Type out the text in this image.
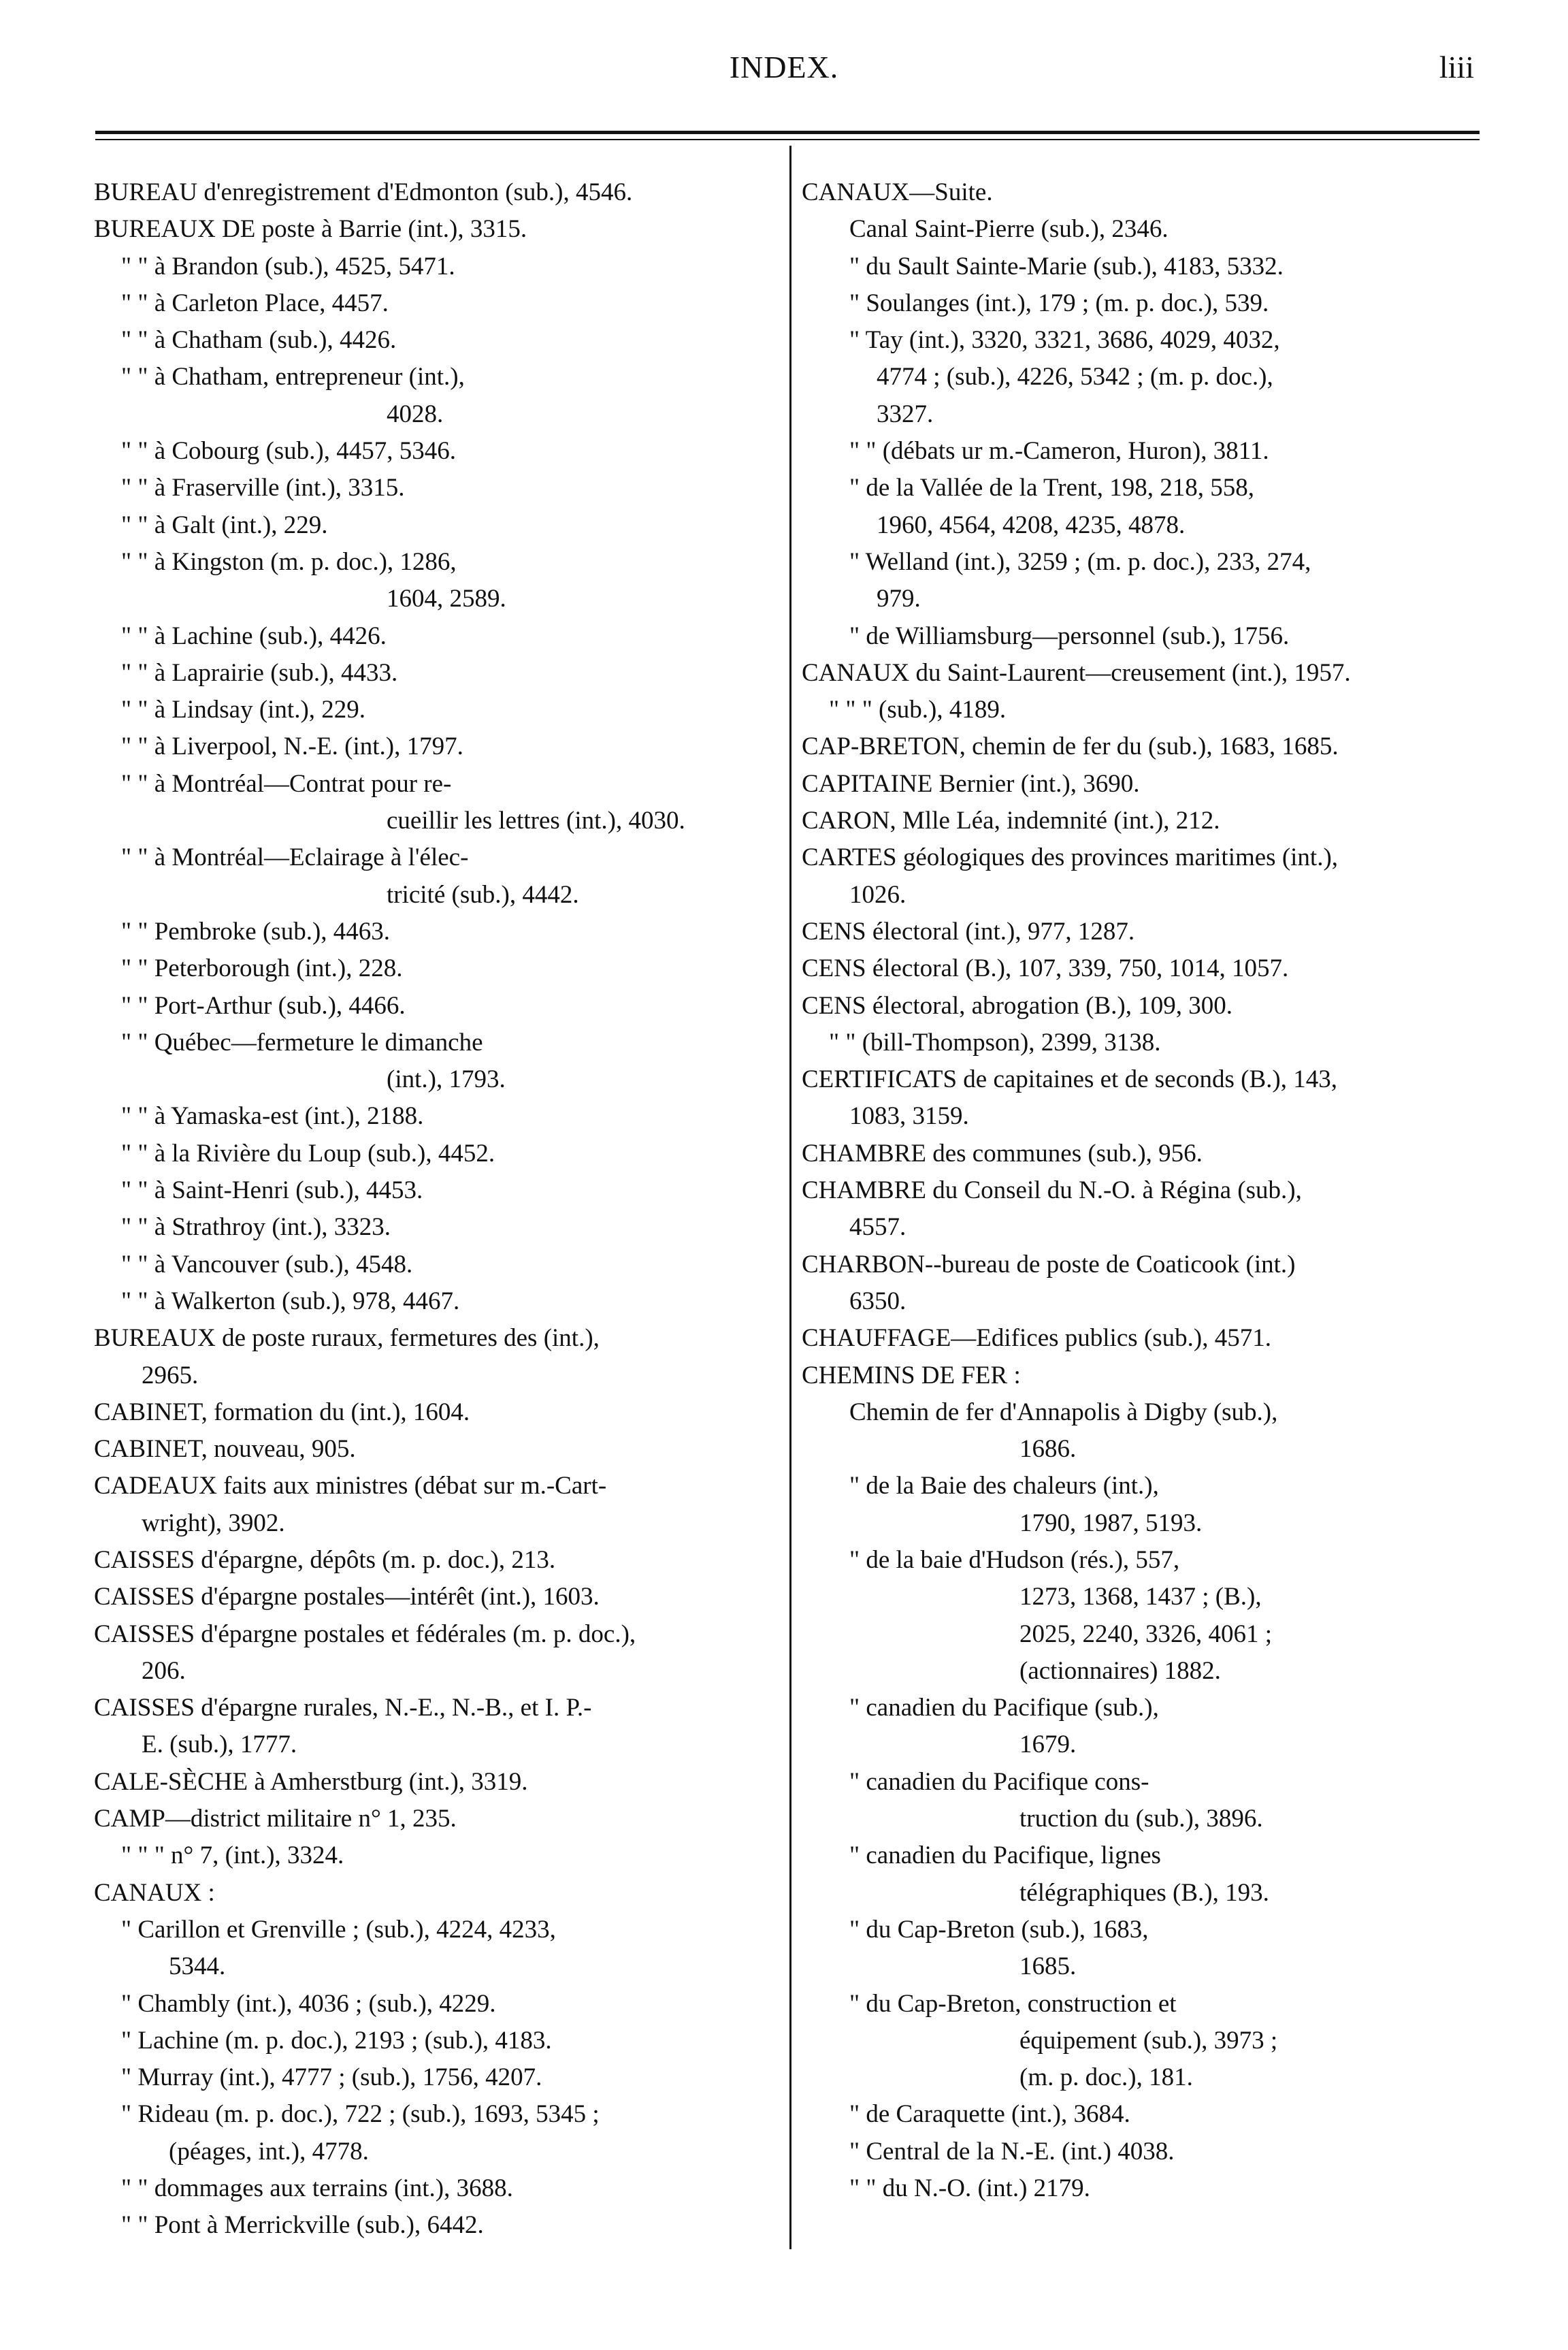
INDEX.	liii
BUREAU d'enregistrement d'Edmonton (sub.), 4546.
BUREAUX DE poste à Barrie (int.), 3315.
" " à Brandon (sub.), 4525, 5471.
" " à Carleton Place, 4457.
" " à Chatham (sub.), 4426.
" " à Chatham, entrepreneur (int.),
4028.
" " à Cobourg (sub.), 4457, 5346.
" " à Fraserville (int.), 3315.
" " à Galt (int.), 229.
" " à Kingston (m. p. doc.), 1286,
1604, 2589.
" " à Lachine (sub.), 4426.
" " à Laprairie (sub.), 4433.
" " à Lindsay (int.), 229.
" " à Liverpool, N.-E. (int.), 1797.
" " à Montréal—Contrat pour re-
cueillir les lettres (int.), 4030.
" " à Montréal—Eclairage à l'élec-
tricité (sub.), 4442.
" " Pembroke (sub.), 4463.
" " Peterborough (int.), 228.
" " Port-Arthur (sub.), 4466.
" " Québec—fermeture le dimanche
(int.), 1793.
" " à Yamaska-est (int.), 2188.
" " à la Rivière du Loup (sub.), 4452.
" " à Saint-Henri (sub.), 4453.
" " à Strathroy (int.), 3323.
" " à Vancouver (sub.), 4548.
" " à Walkerton (sub.), 978, 4467.
BUREAUX de poste ruraux, fermetures des (int.),
2965.
CABINET, formation du (int.), 1604.
CABINET, nouveau, 905.
CADEAUX faits aux ministres (débat sur m.-Cart-
wright), 3902.
CAISSES d'épargne, dépôts (m. p. doc.), 213.
CAISSES d'épargne postales—intérêt (int.), 1603.
CAISSES d'épargne postales et fédérales (m. p. doc.),
206.
CAISSES d'épargne rurales, N.-E., N.-B., et I. P.-
E. (sub.), 1777.
CALE-SÈCHE à Amherstburg (int.), 3319.
CAMP—district militaire n° 1, 235.
" " " n° 7, (int.), 3324.
CANAUX :
" Carillon et Grenville ; (sub.), 4224, 4233,
5344.
" Chambly (int.), 4036 ; (sub.), 4229.
" Lachine (m. p. doc.), 2193 ; (sub.), 4183.
" Murray (int.), 4777 ; (sub.), 1756, 4207.
" Rideau (m. p. doc.), 722 ; (sub.), 1693, 5345 ;
(péages, int.), 4778.
" " dommages aux terrains (int.), 3688.
" " Pont à Merrickville (sub.), 6442.
CANAUX—Suite.
Canal Saint-Pierre (sub.), 2346.
" du Sault Sainte-Marie (sub.), 4183, 5332.
" Soulanges (int.), 179 ; (m. p. doc.), 539.
" Tay (int.), 3320, 3321, 3686, 4029, 4032,
4774 ; (sub.), 4226, 5342 ; (m. p. doc.),
3327.
" " (débats ur m.-Cameron, Huron), 3811.
" de la Vallée de la Trent, 198, 218, 558,
1960, 4564, 4208, 4235, 4878.
" Welland (int.), 3259 ; (m. p. doc.), 233, 274,
979.
" de Williamsburg—personnel (sub.), 1756.
CANAUX du Saint-Laurent—creusement (int.), 1957.
" " " (sub.), 4189.
CAP-BRETON, chemin de fer du (sub.), 1683, 1685.
CAPITAINE Bernier (int.), 3690.
CARON, Mlle Léa, indemnité (int.), 212.
CARTES géologiques des provinces maritimes (int.),
1026.
CENS électoral (int.), 977, 1287.
CENS électoral (B.), 107, 339, 750, 1014, 1057.
CENS électoral, abrogation (B.), 109, 300.
" " (bill-Thompson), 2399, 3138.
CERTIFICATS de capitaines et de seconds (B.), 143,
1083, 3159.
CHAMBRE des communes (sub.), 956.
CHAMBRE du Conseil du N.-O. à Régina (sub.),
4557.
CHARBON--bureau de poste de Coaticook (int.)
6350.
CHAUFFAGE—Edifices publics (sub.), 4571.
CHEMINS DE FER :
Chemin de fer d'Annapolis à Digby (sub.),
1686.
" de la Baie des chaleurs (int.),
1790, 1987, 5193.
" de la baie d'Hudson (rés.), 557,
1273, 1368, 1437 ; (B.),
2025, 2240, 3326, 4061 ;
(actionnaires) 1882.
" canadien du Pacifique (sub.),
1679.
" canadien du Pacifique cons-
truction du (sub.), 3896.
" canadien du Pacifique, lignes
télégraphiques (B.), 193.
" du Cap-Breton (sub.), 1683,
1685.
" du Cap-Breton, construction et
équipement (sub.), 3973 ;
(m. p. doc.), 181.
" de Caraquette (int.), 3684.
" Central de la N.-E. (int.) 4038.
" " du N.-O. (int.) 2179.
